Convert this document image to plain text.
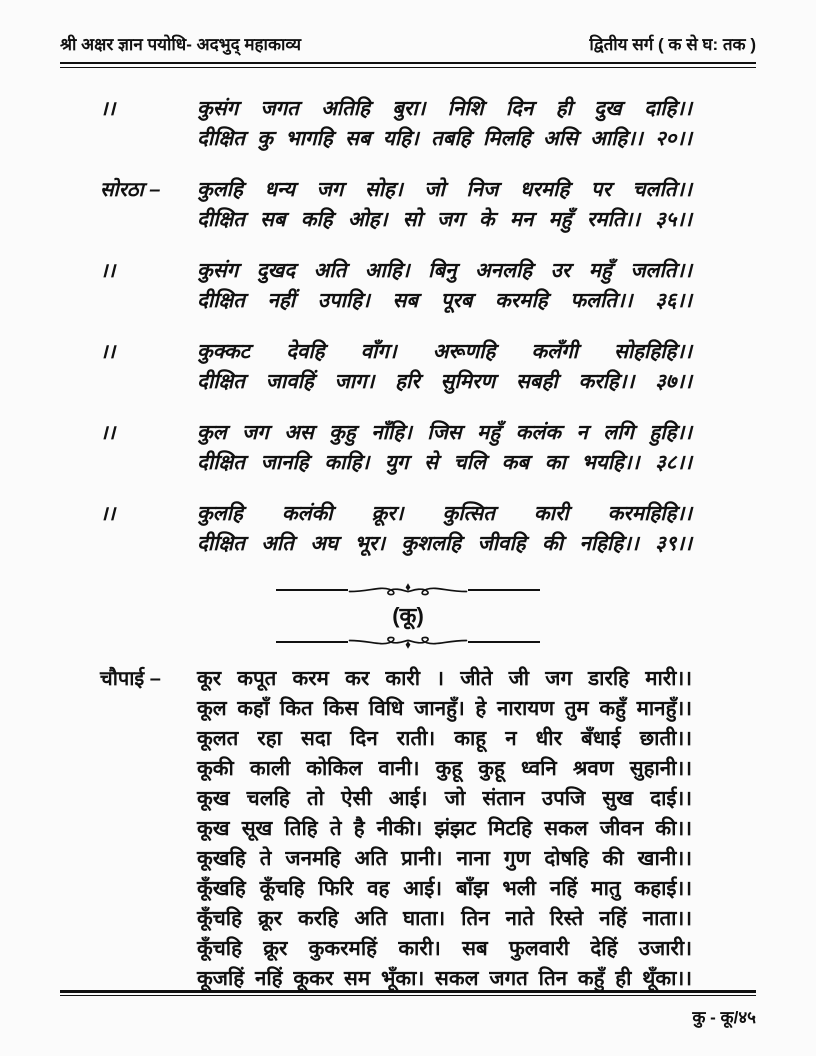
श्री अक्षर ज्ञान पयोधि- अदभुद् महाकाव्य	द्वितीय सर्ग ( क से घ: तक )
।।	कुसंग जगत अतिहि बुरा। निशि दिन ही दुख दाहि।।
दीक्षित कु भागहि सब यहि। तबहि मिलहि असि आहि।। २०।।
सोरठा –	कुलहि धन्य जग सोह। जो निज धरमहि पर चलति।।
दीक्षित सब कहि ओह। सो जग के मन महुँ रमति।। ३५।।
।।	कुसंग दुखद अति आहि। बिनु अनलहि उर महुँ जलति।।
दीक्षित नहीं उपाहि। सब पूरब करमहि फलति।। ३६।।
।।	कुक्कट देवहि वाँग। अरूणहि कलँगी सोहहिहि।।
दीक्षित जावहिं जाग। हरि सुमिरण सबही करहि।। ३७।।
।।	कुल जग अस कुहु नाँहि। जिस महुँ कलंक न लगि हुहि।।
दीक्षित जानहि काहि। युग से चलि कब का भयहि।। ३८।।
।।	कुलहि कलंकी क्रूर। कुत्सित कारी करमहिहि।।
दीक्षित अति अघ भूर। कुशलहि जीवहि की नहिहि।। ३९।।
(कू)
चौपाई –	कूर कपूत करम कर कारी । जीते जी जग डारहि मारी।।
कूल कहाँ कित किस विधि जानहुँ। हे नारायण तुम कहुँ मानहुँ।।
कूलत रहा सदा दिन राती। काहू न धीर बँधाई छाती।।
कूकी काली कोकिल वानी। कुहू कुहू ध्वनि श्रवण सुहानी।।
कूख चलहि तो ऐसी आई। जो संतान उपजि सुख दाई।।
कूख सूख तिहि ते है नीकी। झंझट मिटहि सकल जीवन की।।
कूखहि ते जनमहि अति प्रानी। नाना गुण दोषहि की खानी।।
कूँखहि कूँचहि फिरि वह आई। बाँझ भली नहिं मातु कहाई।।
कूँचहि क्रूर करहि अति घाता। तिन नाते रिस्ते नहिं नाता।।
कूँचहि क्रूर कुकरमहिं कारी। सब फुलवारी देहिं उजारी।
कूजहिं नहिं कूकर सम भूँका। सकल जगत तिन कहुँ ही थूँका।।
कु - कू/४५
